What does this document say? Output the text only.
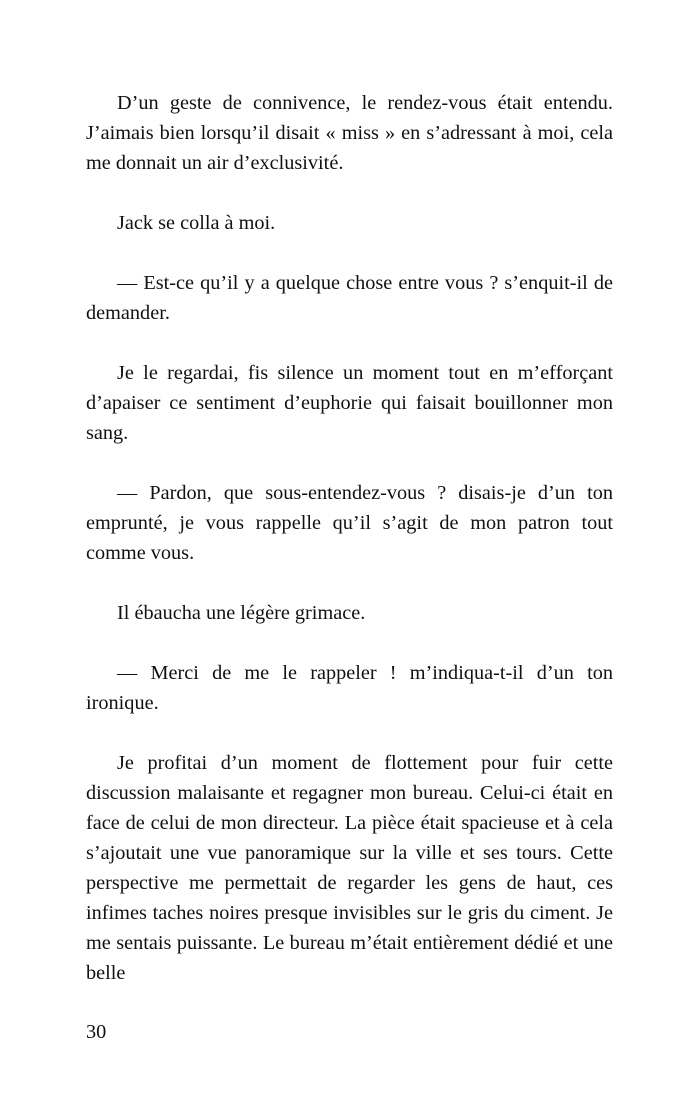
D’un geste de connivence, le rendez-vous était entendu. J’aimais bien lorsqu’il disait « miss » en s’adressant à moi, cela me donnait un air d’exclusivité.

Jack se colla à moi.

— Est-ce qu’il y a quelque chose entre vous ? s’enquit-il de demander.

Je le regardai, fis silence un moment tout en m’efforçant d’apaiser ce sentiment d’euphorie qui faisait bouillonner mon sang.

— Pardon, que sous-entendez-vous ? disais-je d’un ton emprunté, je vous rappelle qu’il s’agit de mon patron tout comme vous.

Il ébaucha une légère grimace.

— Merci de me le rappeler ! m’indiqua-t-il d’un ton ironique.

Je profitai d’un moment de flottement pour fuir cette discussion malaisante et regagner mon bureau. Celui-ci était en face de celui de mon directeur. La pièce était spacieuse et à cela s’ajoutait une vue panoramique sur la ville et ses tours. Cette perspective me permettait de regarder les gens de haut, ces infimes taches noires presque invisibles sur le gris du ciment. Je me sentais puissante. Le bureau m’était entièrement dédié et une belle

30
